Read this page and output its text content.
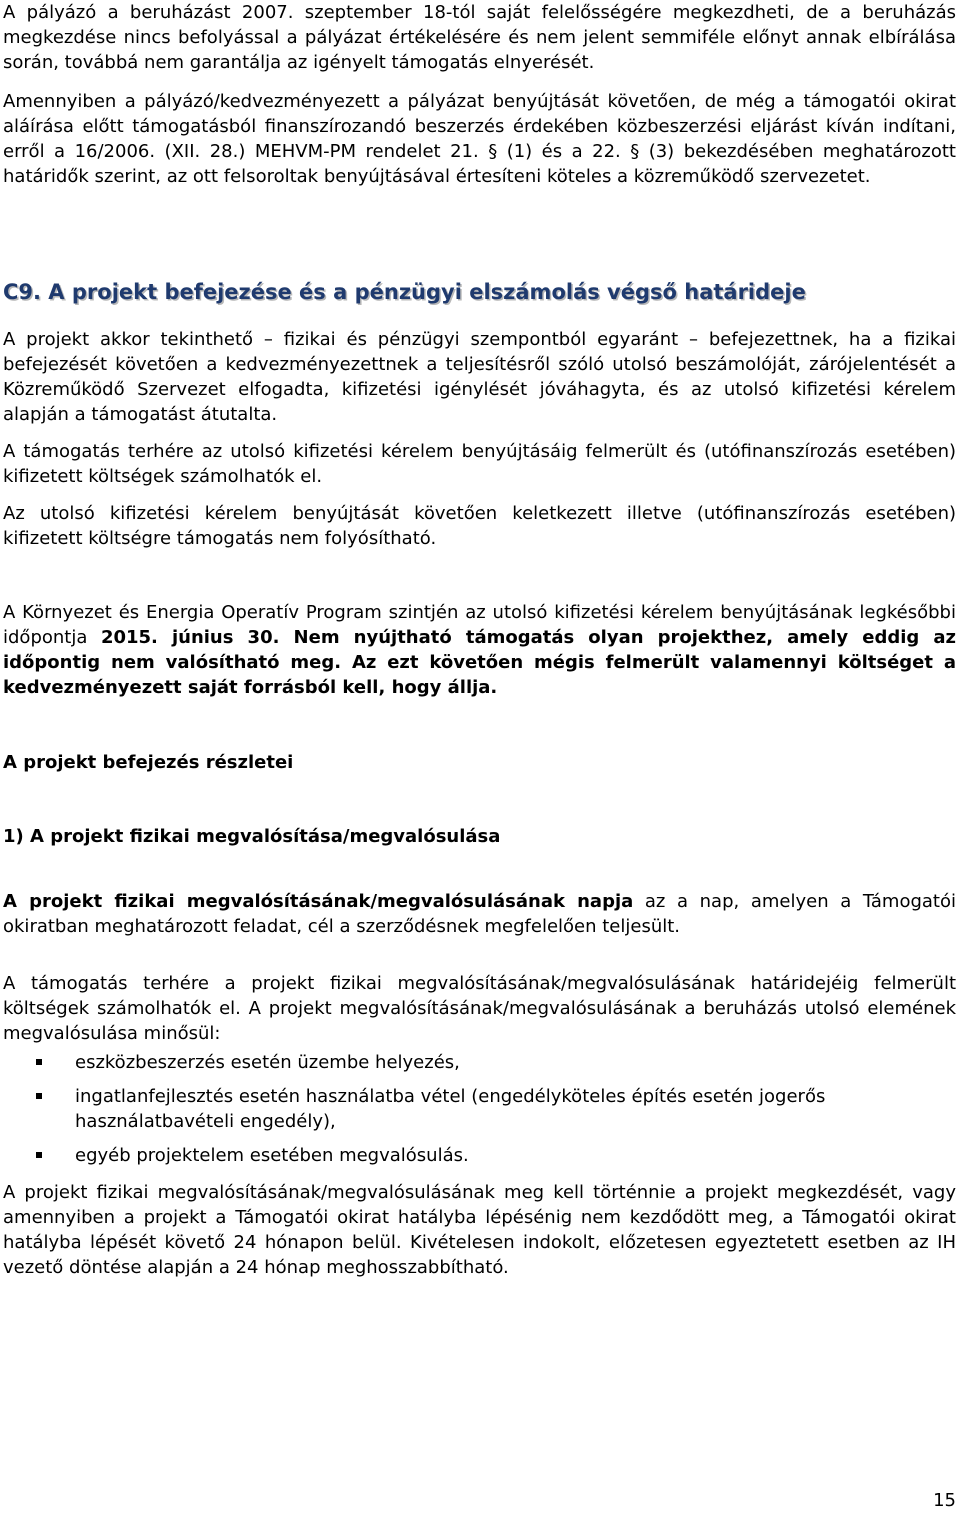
A pályázó a beruházást 2007. szeptember 18-tól saját felelősségére megkezdheti, de a beruházás megkezdése nincs befolyással a pályázat értékelésére és nem jelent semmiféle előnyt annak elbírálása során, továbbá nem garantálja az igényelt támogatás elnyerését.

Amennyiben a pályázó/kedvezményezett a pályázat benyújtását követően, de még a támogatói okirat aláírása előtt támogatásból finanszírozandó beszerzés érdekében közbeszerzési eljárást kíván indítani, erről a 16/2006. (XII. 28.) MEHVM-PM rendelet 21. § (1) és a 22. § (3) bekezdésében meghatározott határidők szerint, az ott felsoroltak benyújtásával értesíteni köteles a közreműködő szervezetet.

C9. A projekt befejezése és a pénzügyi elszámolás végső határideje

A projekt akkor tekinthető – fizikai és pénzügyi szempontból egyaránt – befejezettnek, ha a fizikai befejezését követően a kedvezményezettnek a teljesítésről szóló utolsó beszámolóját, zárójelentését a Közreműködő Szervezet elfogadta, kifizetési igénylését jóváhagyta, és az utolsó kifizetési kérelem alapján a támogatást átutalta.

A támogatás terhére az utolsó kifizetési kérelem benyújtásáig felmerült és (utófinanszírozás esetében) kifizetett költségek számolhatók el.

Az utolsó kifizetési kérelem benyújtását követően keletkezett illetve (utófinanszírozás esetében) kifizetett költségre támogatás nem folyósítható.

A Környezet és Energia Operatív Program szintjén az utolsó kifizetési kérelem benyújtásának legkésőbbi időpontja 2015. június 30. Nem nyújtható támogatás olyan projekthez, amely eddig az időpontig nem valósítható meg. Az ezt követően mégis felmerült valamennyi költséget a kedvezményezett saját forrásból kell, hogy állja.

A projekt befejezés részletei
1) A projekt fizikai megvalósítása/megvalósulása

A projekt fizikai megvalósításának/megvalósulásának napja az a nap, amelyen a Támogatói okiratban meghatározott feladat, cél a szerződésnek megfelelően teljesült.

A támogatás terhére a projekt fizikai megvalósításának/megvalósulásának határidejéig felmerült költségek számolhatók el. A projekt megvalósításának/megvalósulásának a beruházás utolsó elemének megvalósulása minősül:

eszközbeszerzés esetén üzembe helyezés,
ingatlanfejlesztés esetén használatba vétel (engedélyköteles építés esetén jogerős használatbavételi engedély),
egyéb projektelem esetében megvalósulás.

A projekt fizikai megvalósításának/megvalósulásának meg kell történnie a projekt megkezdését, vagy amennyiben a projekt a Támogatói okirat hatályba lépésénig nem kezdődött meg, a Támogatói okirat hatályba lépését követő 24 hónapon belül. Kivételesen indokolt, előzetesen egyeztetett esetben az IH vezető döntése alapján a 24 hónap meghosszabbítható.

15
